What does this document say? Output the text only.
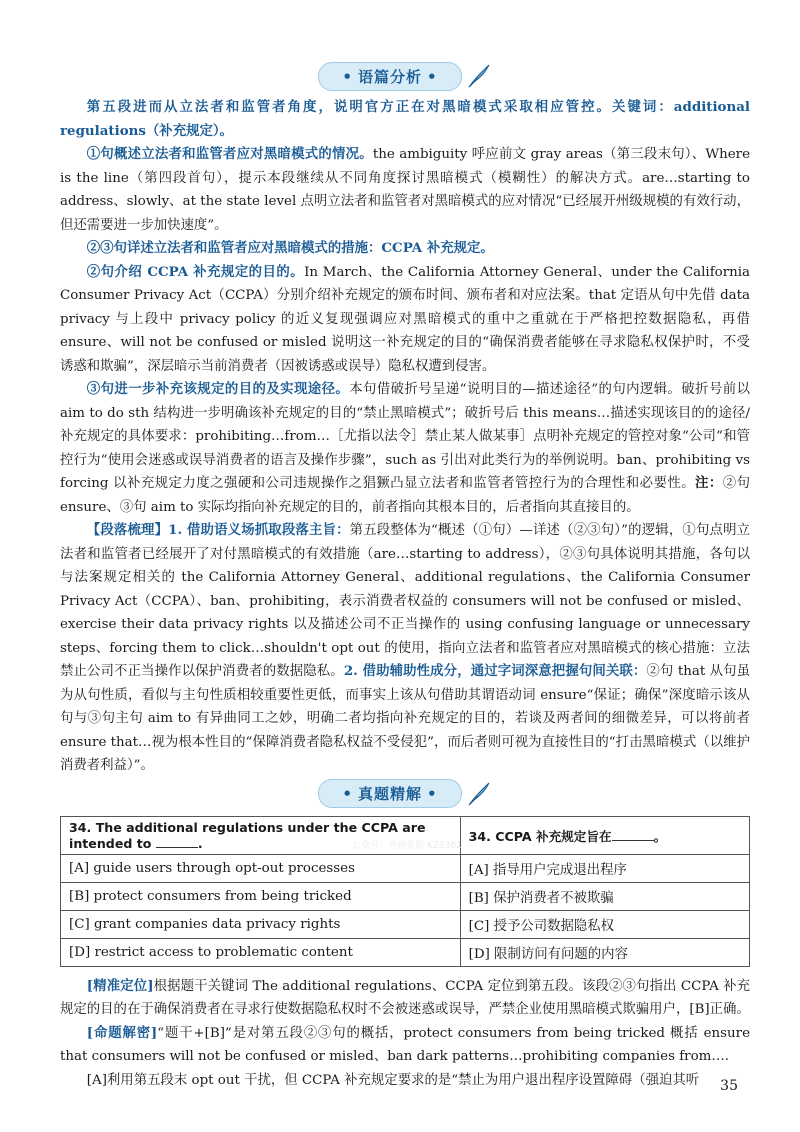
• 语篇分析 •

第五段进而从立法者和监管者角度，说明官方正在对黑暗模式采取相应管控。关键词：additional regulations（补充规定）。

①句概述立法者和监管者应对黑暗模式的情况。the ambiguity 呼应前文 gray areas（第三段末句）、Where is the line（第四段首句），提示本段继续从不同角度探讨黑暗模式（模糊性）的解决方式。are…starting to address、slowly、at the state level 点明立法者和监管者对黑暗模式的应对情况“已经展开州级规模的有效行动，但还需要进一步加快速度”。

②③句详述立法者和监管者应对黑暗模式的措施：CCPA 补充规定。

②句介绍 CCPA 补充规定的目的。In March、the California Attorney General、under the California Consumer Privacy Act（CCPA）分别介绍补充规定的颁布时间、颁布者和对应法案。that 定语从句中先借 data privacy 与上段中 privacy policy 的近义复现强调应对黑暗模式的重中之重就在于严格把控数据隐私，再借 ensure、will not be confused or misled 说明这一补充规定的目的“确保消费者能够在寻求隐私权保护时，不受诱惑和欺骗”，深层暗示当前消费者（因被诱惑或误导）隐私权遭到侵害。

③句进一步补充该规定的目的及实现途径。本句借破折号呈递“说明目的—描述途径”的句内逻辑。破折号前以 aim to do sth 结构进一步明确该补充规定的目的“禁止黑暗模式”；破折号后 this means…描述实现该目的的途径/补充规定的具体要求：prohibiting…from…［尤指以法令］禁止某人做某事］点明补充规定的管控对象“公司”和管控行为“使用会迷惑或误导消费者的语言及操作步骤”，such as 引出对此类行为的举例说明。ban、prohibiting vs forcing 以补充规定力度之强硬和公司违规操作之猖獗凸显立法者和监管者管控行为的合理性和必要性。注：②句 ensure、③句 aim to 实际均指向补充规定的目的，前者指向其根本目的，后者指向其直接目的。

【段落梳理】1. 借助语义场抓取段落主旨：第五段整体为“概述（①句）—详述（②③句）”的逻辑，①句点明立法者和监管者已经展开了对付黑暗模式的有效措施（are…starting to address），②③句具体说明其措施，各句以与法案规定相关的 the California Attorney General、additional regulations、the California Consumer Privacy Act（CCPA）、ban、prohibiting，表示消费者权益的 consumers will not be confused or misled、exercise their data privacy rights 以及描述公司不正当操作的 using confusing language or unnecessary steps、forcing them to click…shouldn't opt out 的使用，指向立法者和监管者应对黑暗模式的核心措施：立法禁止公司不正当操作以保护消费者的数据隐私。2. 借助辅助性成分，通过字词深意把握句间关联：②句 that 从句虽为从句性质，看似与主句性质相较重要性更低，而事实上该从句借助其谓语动词 ensure“保证；确保”深度暗示该从句与③句主句 aim to 有异曲同工之妙，明确二者均指向补充规定的目的，若谈及两者间的细微差异，可以将前者 ensure that…视为根本性目的“保障消费者隐私权益不受侵犯”，而后者则可视为直接性目的“打击黑暗模式（以维护消费者利益）”。

• 真题精解 •
34. The additional regulations under the CCPA are intended to .	34. CCPA 补充规定旨在 。
[A] guide users through opt-out processes	[A] 指导用户完成退出程序
[B] protect consumers from being tricked	[B] 保护消费者不被欺骗
[C] grant companies data privacy rights	[C] 授予公司数据隐私权
[D] restrict access to problematic content	[D] 限制访问有问题的内容

[精准定位]根据题干关键词 The additional regulations、CCPA 定位到第五段。该段②③句指出 CCPA 补充规定的目的在于确保消费者在寻求行使数据隐私权时不会被迷惑或误导，严禁企业使用黑暗模式欺骗用户，[B]正确。

[命题解密]“题干+[B]”是对第五段②③句的概括，protect consumers from being tricked 概括 ensure that consumers will not be confused or misled、ban dark patterns…prohibiting companies from….

[A]利用第五段末 opt out 干扰，但 CCPA 补充规定要求的是“禁止为用户退出程序设置障碍（强迫其听

公众号：考研英语 KZ0301
35
